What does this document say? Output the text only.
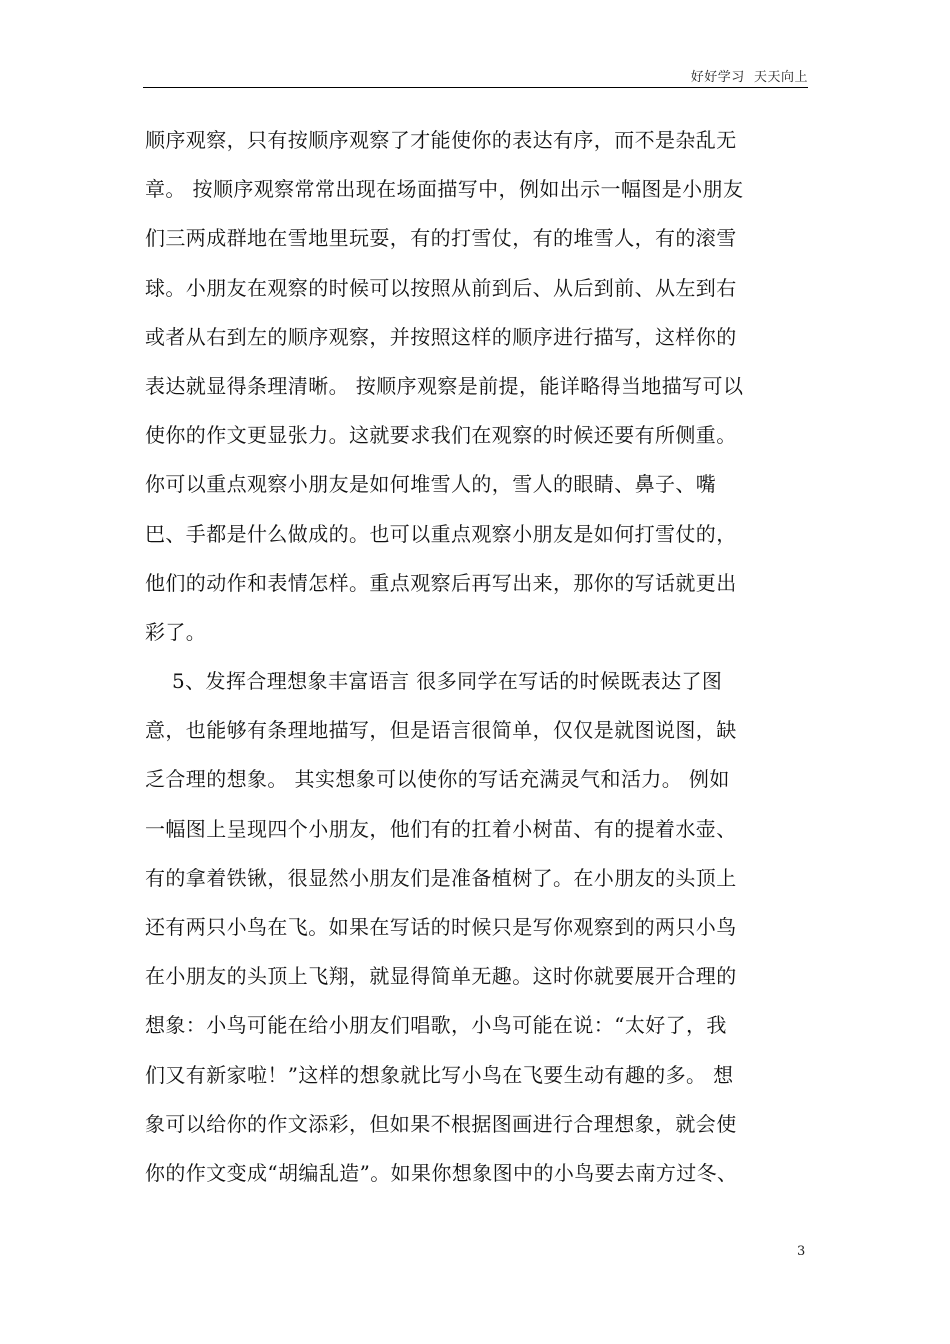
好好学习  天天向上
顺序观察，只有按顺序观察了才能使你的表达有序，而不是杂乱无
章。 按顺序观察常常出现在场面描写中，例如出示一幅图是小朋友
们三两成群地在雪地里玩耍，有的打雪仗，有的堆雪人，有的滚雪
球。小朋友在观察的时候可以按照从前到后、从后到前、从左到右
或者从右到左的顺序观察，并按照这样的顺序进行描写，这样你的
表达就显得条理清晰。 按顺序观察是前提，能详略得当地描写可以
使你的作文更显张力。这就要求我们在观察的时候还要有所侧重。
你可以重点观察小朋友是如何堆雪人的，雪人的眼睛、鼻子、嘴
巴、手都是什么做成的。也可以重点观察小朋友是如何打雪仗的，
他们的动作和表情怎样。重点观察后再写出来，那你的写话就更出
彩了。
5、发挥合理想象丰富语言 很多同学在写话的时候既表达了图
意，也能够有条理地描写，但是语言很简单，仅仅是就图说图，缺
乏合理的想象。 其实想象可以使你的写话充满灵气和活力。 例如
一幅图上呈现四个小朋友，他们有的扛着小树苗、有的提着水壶、
有的拿着铁锹，很显然小朋友们是准备植树了。在小朋友的头顶上
还有两只小鸟在飞。如果在写话的时候只是写你观察到的两只小鸟
在小朋友的头顶上飞翔，就显得简单无趣。这时你就要展开合理的
想象：小鸟可能在给小朋友们唱歌，小鸟可能在说：“太好了，我
们又有新家啦！”这样的想象就比写小鸟在飞要生动有趣的多。 想
象可以给你的作文添彩，但如果不根据图画进行合理想象，就会使
你的作文变成“胡编乱造”。如果你想象图中的小鸟要去南方过冬、
3
